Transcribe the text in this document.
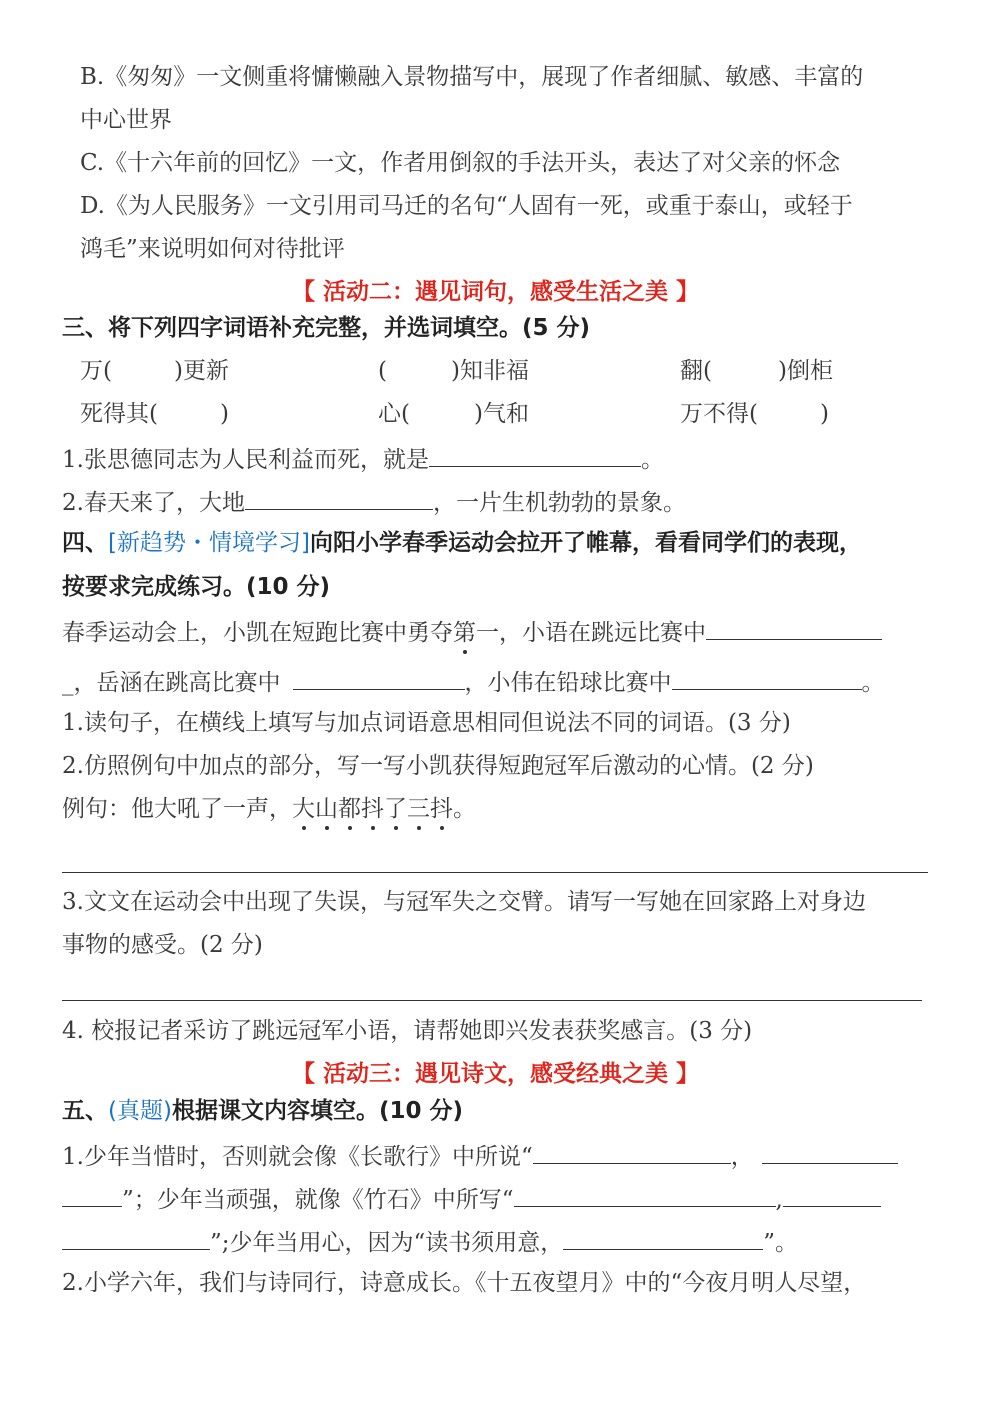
B.《匆匆》一文侧重将慵懒融入景物描写中，展现了作者细腻、敏感、丰富的
中心世界
C.《十六年前的回忆》一文，作者用倒叙的手法开头，表达了对父亲的怀念
D.《为人民服务》一文引用司马迁的名句“人固有一死，或重于泰山，或轻于
鸿毛”来说明如何对待批评
【 活动二：遇见词句，感受生活之美 】
三、将下列四字词语补充完整，并选词填空。(5 分)
万(	)更新	(	)知非福	翻(	)倒柜
死得其(	)	心(	)气和	万不得(	)
1.张思德同志为人民利益而死，就是	。
2.春天来了，大地	，一片生机勃勃的景象。
四、[新趋势・情境学习]向阳小学春季运动会拉开了帷幕，看看同学们的表现，
按要求完成练习。(10 分)
春季运动会上，小凯在短跑比赛中勇夺第一，小语在跳远比赛中
_，岳涵在跳高比赛中	，小伟在铅球比赛中	。
1.读句子，在横线上填写与加点词语意思相同但说法不同的词语。(3 分)
2.仿照例句中加点的部分，写一写小凯获得短跑冠军后激动的心情。(2 分)
例句：他大吼了一声，大山都抖了三抖。
3.文文在运动会中出现了失误，与冠军失之交臂。请写一写她在回家路上对身边
事物的感受。(2 分)
4. 校报记者采访了跳远冠军小语，请帮她即兴发表获奖感言。(3 分)
【 活动三：遇见诗文，感受经典之美 】
五、(真题)根据课文内容填空。(10 分)
1.少年当惜时，否则就会像《长歌行》中所说“	，
”；少年当顽强，就像《竹石》中所写“	,
”;少年当用心，因为“读书须用意，	”。
2.小学六年，我们与诗同行，诗意成长。《十五夜望月》中的“今夜月明人尽望，
